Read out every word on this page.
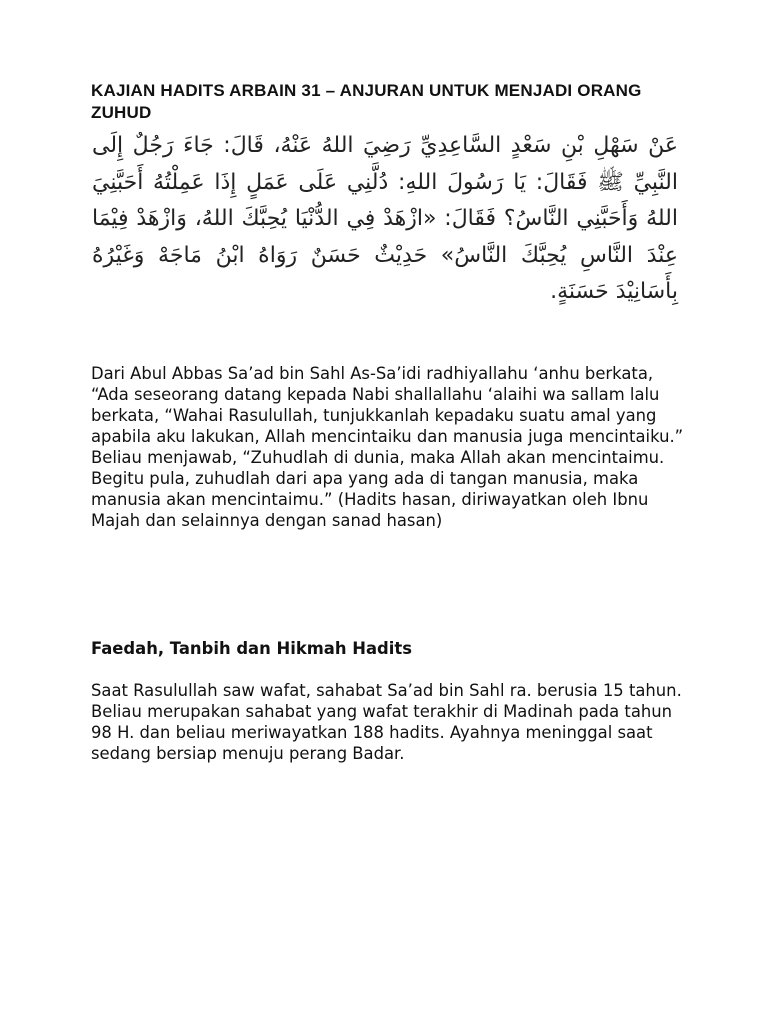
KAJIAN HADITS ARBAIN 31 – ANJURAN UNTUK MENJADI ORANG ZUHUD

عَنْ سَهْلِ بْنِ سَعْدٍ السَّاعِدِيِّ رَضِيَ اللهُ عَنْهُ، قَالَ: جَاءَ رَجُلٌ إِلَى النَّبِيِّ ﷺ فَقَالَ: يَا رَسُولَ اللهِ: دُلَّنِي عَلَى عَمَلٍ إِذَا عَمِلْتُهُ أَحَبَّنِيَ اللهُ وَأَحَبَّنِي النَّاسُ؟ فَقَالَ: «ازْهَدْ فِي الدُّنْيَا يُحِبَّكَ اللهُ، وَازْهَدْ فِيْمَا عِنْدَ النَّاسِ يُحِبَّكَ النَّاسُ» حَدِيْثٌ حَسَنٌ رَوَاهُ ابْنُ مَاجَهْ وَغَيْرُهُ بِأَسَانِيْدَ حَسَنَةٍ.

Dari Abul Abbas Sa’ad bin Sahl As-Sa’idi radhiyallahu ‘anhu berkata, “Ada seseorang datang kepada Nabi shallallahu ‘alaihi wa sallam lalu berkata, “Wahai Rasulullah, tunjukkanlah kepadaku suatu amal yang apabila aku lakukan, Allah mencintaiku dan manusia juga mencintaiku.” Beliau menjawab, “Zuhudlah di dunia, maka Allah akan mencintaimu. Begitu pula, zuhudlah dari apa yang ada di tangan manusia, maka manusia akan mencintaimu.” (Hadits hasan, diriwayatkan oleh Ibnu Majah dan selainnya dengan sanad hasan)

Faedah, Tanbih dan Hikmah Hadits

Saat Rasulullah saw wafat, sahabat Sa’ad bin Sahl ra. berusia 15 tahun. Beliau merupakan sahabat yang wafat terakhir di Madinah pada tahun 98 H. dan beliau meriwayatkan 188 hadits. Ayahnya meninggal saat sedang bersiap menuju perang Badar.
